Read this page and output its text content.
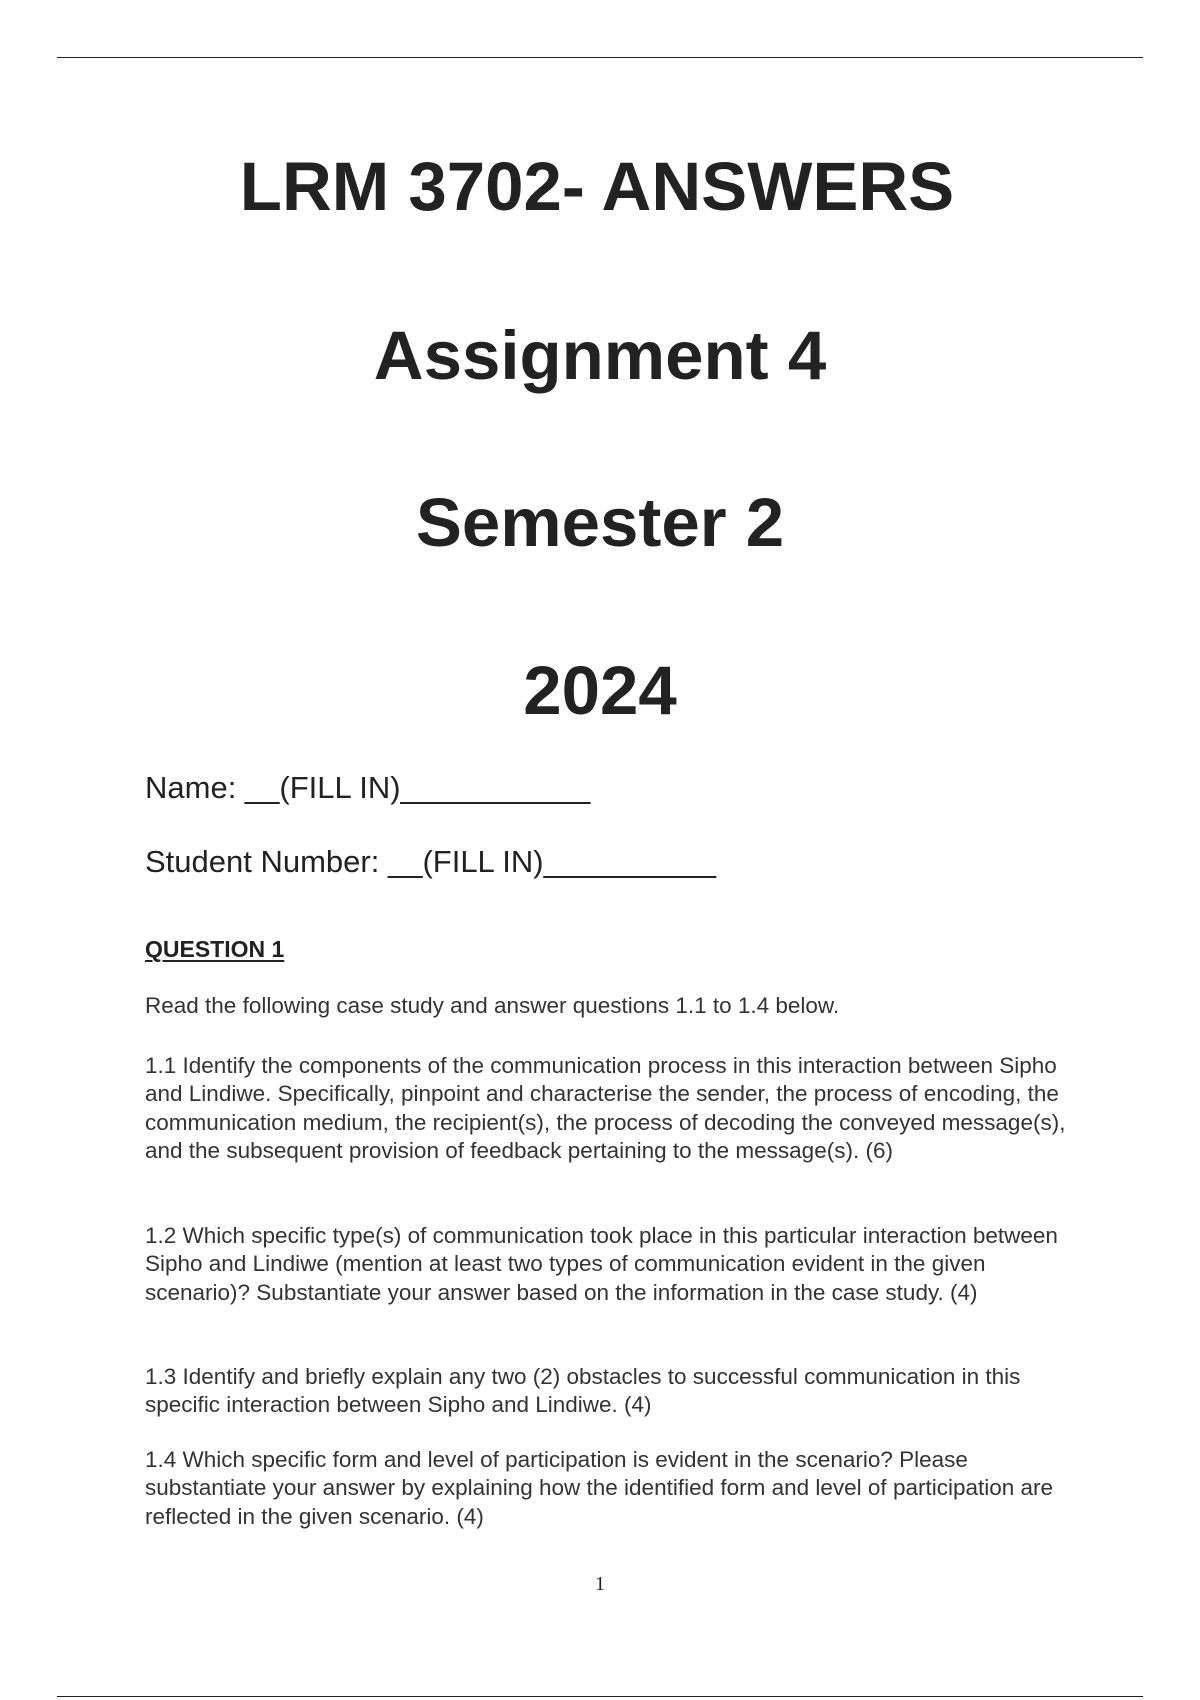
LRM 3702- ANSWERS
Assignment 4
Semester 2
2024
Name: __(FILL IN)___________
Student Number: __(FILL IN)__________
QUESTION 1

Read the following case study and answer questions 1.1 to 1.4 below.

1.1 Identify the components of the communication process in this interaction between Sipho and Lindiwe. Specifically, pinpoint and characterise the sender, the process of encoding, the communication medium, the recipient(s), the process of decoding the conveyed message(s), and the subsequent provision of feedback pertaining to the message(s). (6)

1.2 Which specific type(s) of communication took place in this particular interaction between Sipho and Lindiwe (mention at least two types of communication evident in the given scenario)? Substantiate your answer based on the information in the case study. (4)

1.3 Identify and briefly explain any two (2) obstacles to successful communication in this specific interaction between Sipho and Lindiwe. (4)

1.4 Which specific form and level of participation is evident in the scenario? Please substantiate your answer by explaining how the identified form and level of participation are reflected in the given scenario. (4)

1
